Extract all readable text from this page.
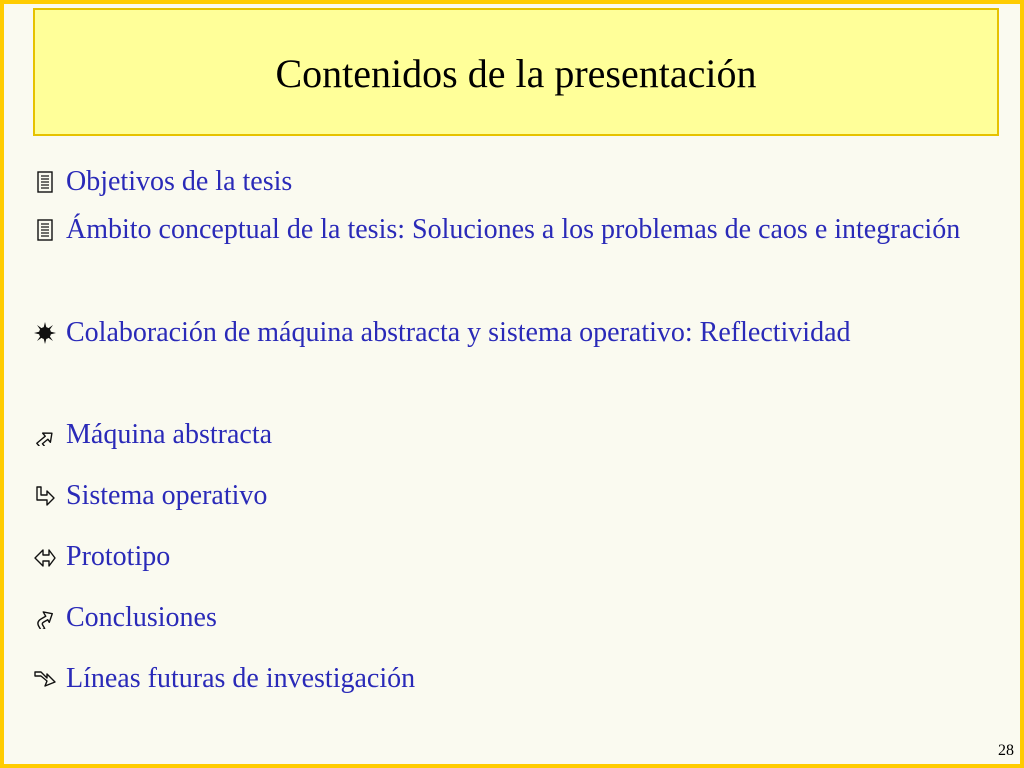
Contenidos de la presentación
Objetivos de la tesis
Ámbito conceptual de la tesis: Soluciones a los problemas de caos e integración
Colaboración de máquina abstracta y sistema operativo: Reflectividad
Máquina abstracta
Sistema operativo
Prototipo
Conclusiones
Líneas futuras de investigación
28
